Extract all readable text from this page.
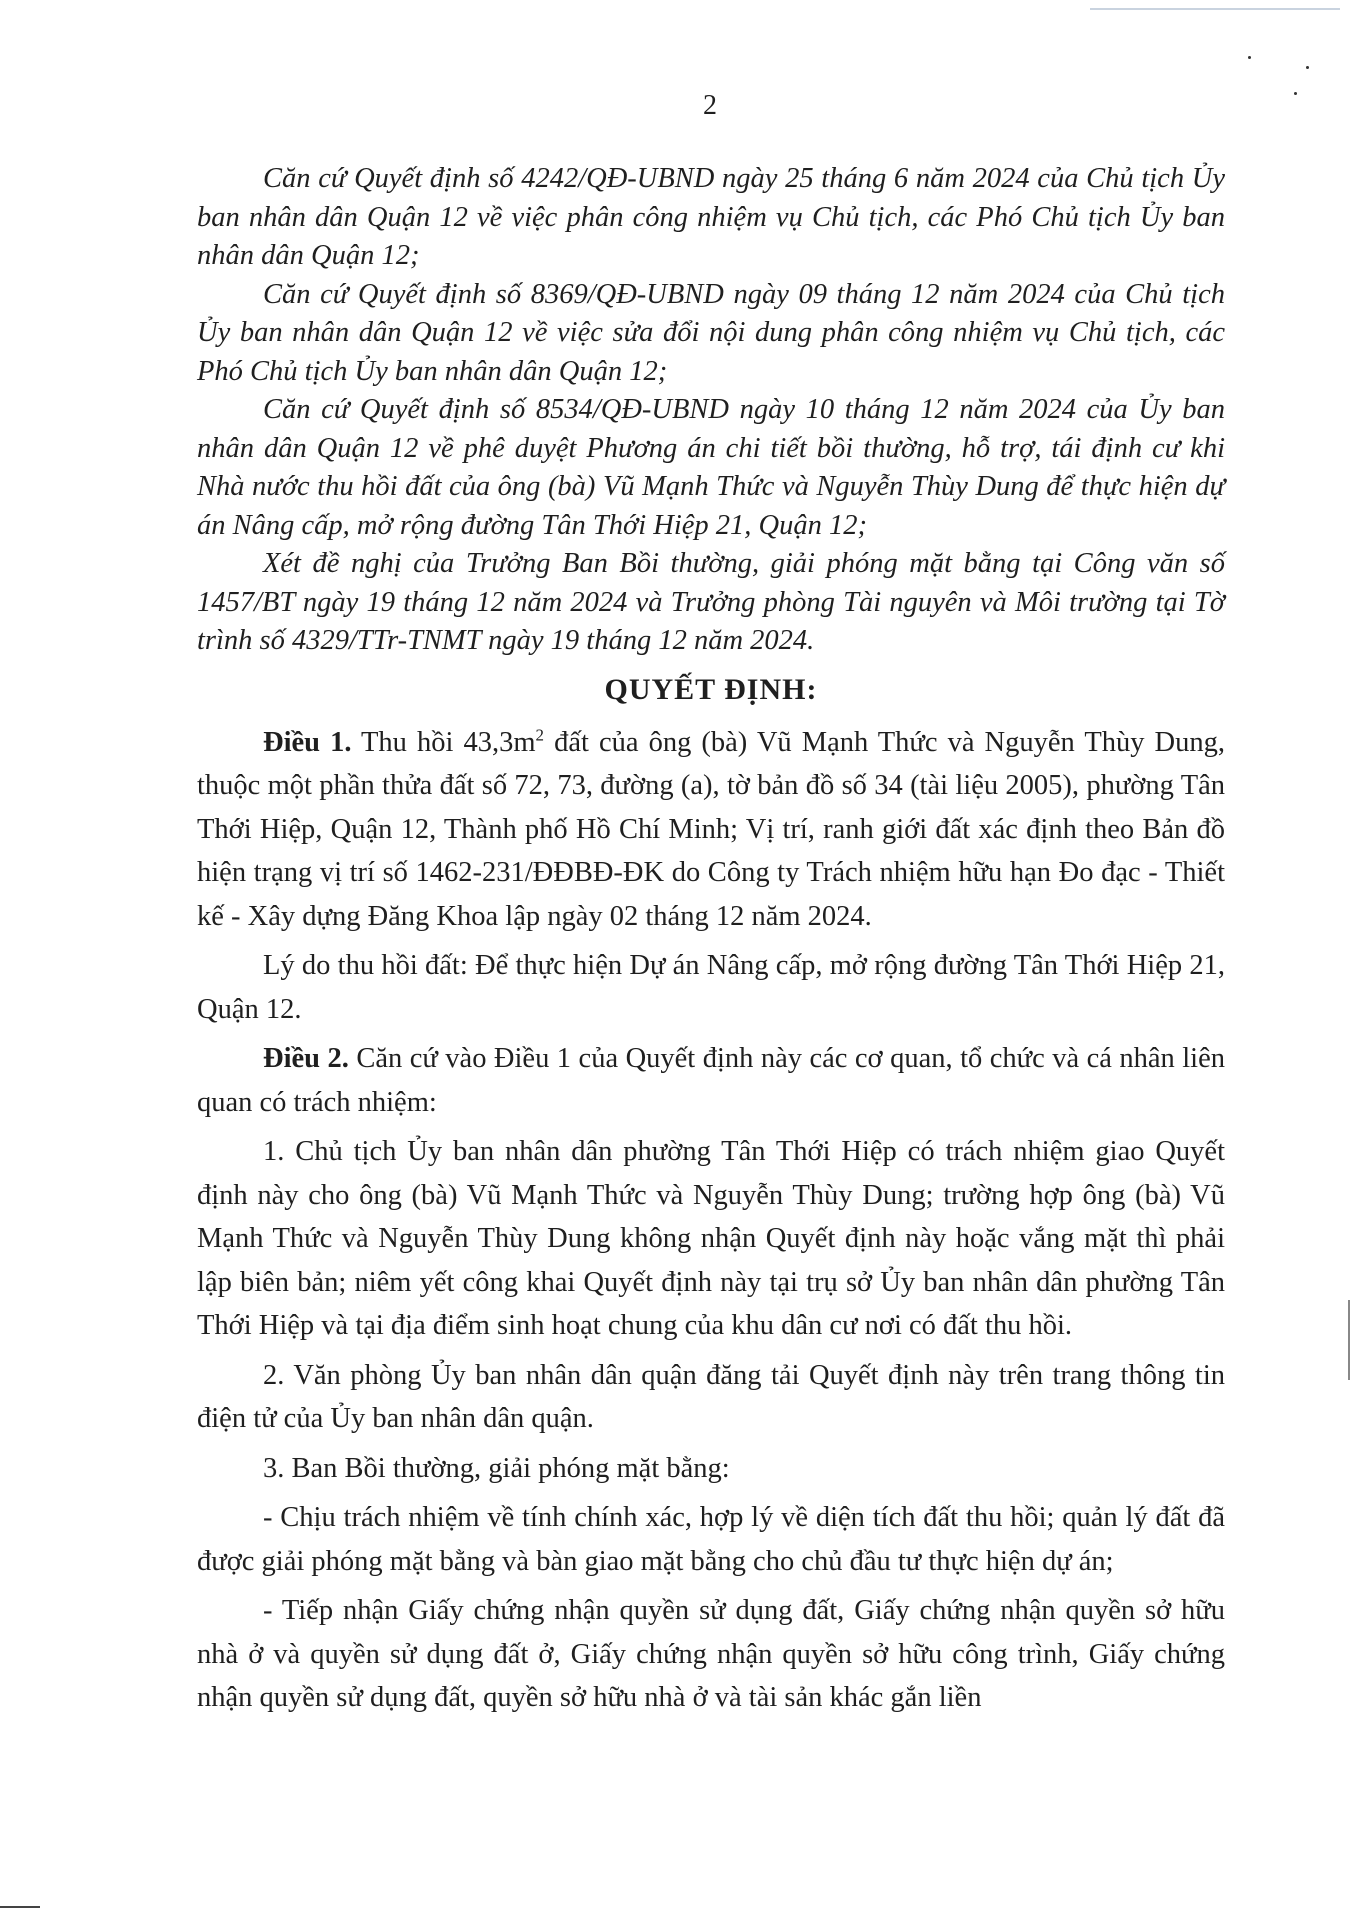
2

Căn cứ Quyết định số 4242/QĐ-UBND ngày 25 tháng 6 năm 2024 của Chủ tịch Ủy ban nhân dân Quận 12 về việc phân công nhiệm vụ Chủ tịch, các Phó Chủ tịch Ủy ban nhân dân Quận 12;

Căn cứ Quyết định số 8369/QĐ-UBND ngày 09 tháng 12 năm 2024 của Chủ tịch Ủy ban nhân dân Quận 12 về việc sửa đổi nội dung phân công nhiệm vụ Chủ tịch, các Phó Chủ tịch Ủy ban nhân dân Quận 12;

Căn cứ Quyết định số 8534/QĐ-UBND ngày 10 tháng 12 năm 2024 của Ủy ban nhân dân Quận 12 về phê duyệt Phương án chi tiết bồi thường, hỗ trợ, tái định cư khi Nhà nước thu hồi đất của ông (bà) Vũ Mạnh Thức và Nguyễn Thùy Dung để thực hiện dự án Nâng cấp, mở rộng đường Tân Thới Hiệp 21, Quận 12;

Xét đề nghị của Trưởng Ban Bồi thường, giải phóng mặt bằng tại Công văn số 1457/BT ngày 19 tháng 12 năm 2024 và Trưởng phòng Tài nguyên và Môi trường tại Tờ trình số 4329/TTr-TNMT ngày 19 tháng 12 năm 2024.

QUYẾT ĐỊNH:

Điều 1. Thu hồi $43,3m^2$ đất của ông (bà) Vũ Mạnh Thức và Nguyễn Thùy Dung, thuộc một phần thửa đất số 72, 73, đường (a), tờ bản đồ số 34 (tài liệu 2005), phường Tân Thới Hiệp, Quận 12, Thành phố Hồ Chí Minh; Vị trí, ranh giới đất xác định theo Bản đồ hiện trạng vị trí số 1462-231/ĐĐBĐ-ĐK do Công ty Trách nhiệm hữu hạn Đo đạc - Thiết kế - Xây dựng Đăng Khoa lập ngày 02 tháng 12 năm 2024.

Lý do thu hồi đất: Để thực hiện Dự án Nâng cấp, mở rộng đường Tân Thới Hiệp 21, Quận 12.

Điều 2. Căn cứ vào Điều 1 của Quyết định này các cơ quan, tổ chức và cá nhân liên quan có trách nhiệm:

1. Chủ tịch Ủy ban nhân dân phường Tân Thới Hiệp có trách nhiệm giao Quyết định này cho ông (bà) Vũ Mạnh Thức và Nguyễn Thùy Dung; trường hợp ông (bà) Vũ Mạnh Thức và Nguyễn Thùy Dung không nhận Quyết định này hoặc vắng mặt thì phải lập biên bản; niêm yết công khai Quyết định này tại trụ sở Ủy ban nhân dân phường Tân Thới Hiệp và tại địa điểm sinh hoạt chung của khu dân cư nơi có đất thu hồi.

2. Văn phòng Ủy ban nhân dân quận đăng tải Quyết định này trên trang thông tin điện tử của Ủy ban nhân dân quận.

3. Ban Bồi thường, giải phóng mặt bằng:

- Chịu trách nhiệm về tính chính xác, hợp lý về diện tích đất thu hồi; quản lý đất đã được giải phóng mặt bằng và bàn giao mặt bằng cho chủ đầu tư thực hiện dự án;

- Tiếp nhận Giấy chứng nhận quyền sử dụng đất, Giấy chứng nhận quyền sở hữu nhà ở và quyền sử dụng đất ở, Giấy chứng nhận quyền sở hữu công trình, Giấy chứng nhận quyền sử dụng đất, quyền sở hữu nhà ở và tài sản khác gắn liền
